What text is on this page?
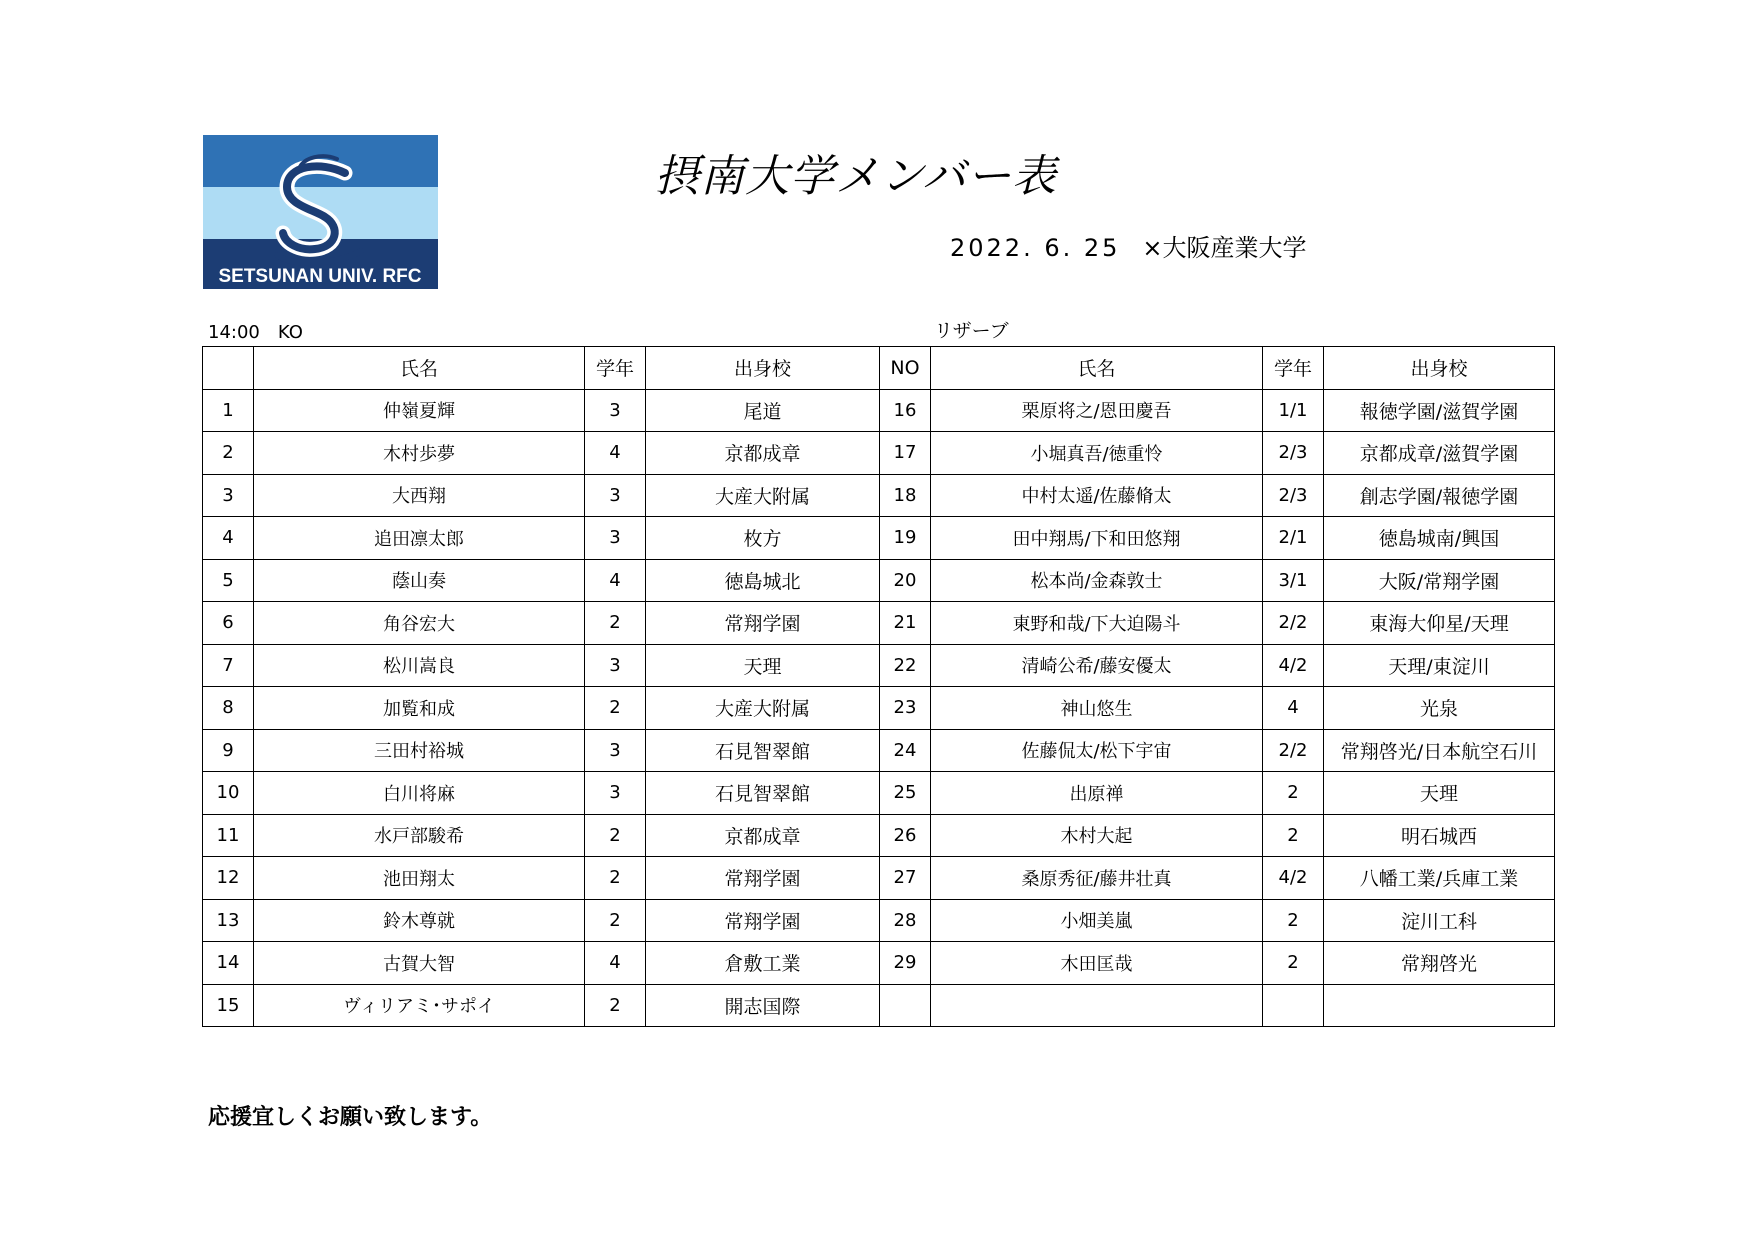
SETSUNAN UNIV. RFC
摂南大学メンバー表
2022. 6. 25 ×大阪産業大学
14:00　KO	リザーブ
	氏名	学年	出身校	NO	氏名	学年	出身校
1	仲嶺夏輝	3	尾道	16	栗原将之/恩田慶吾	1/1	報徳学園/滋賀学園
2	木村歩夢	4	京都成章	17	小堀真吾/徳重怜	2/3	京都成章/滋賀学園
3	大西翔	3	大産大附属	18	中村太遥/佐藤脩太	2/3	創志学園/報徳学園
4	追田凛太郎	3	枚方	19	田中翔馬/下和田悠翔	2/1	徳島城南/興国
5	蔭山奏	4	徳島城北	20	松本尚/金森敦士	3/1	大阪/常翔学園
6	角谷宏大	2	常翔学園	21	東野和哉/下大迫陽斗	2/2	東海大仰星/天理
7	松川嵩良	3	天理	22	清崎公希/藤安優太	4/2	天理/東淀川
8	加覧和成	2	大産大附属	23	神山悠生	4	光泉
9	三田村裕城	3	石見智翠館	24	佐藤侃太/松下宇宙	2/2	常翔啓光/日本航空石川
10	白川将麻	3	石見智翠館	25	出原禅	2	天理
11	水戸部駿希	2	京都成章	26	木村大起	2	明石城西
12	池田翔太	2	常翔学園	27	桑原秀征/藤井壮真	4/2	八幡工業/兵庫工業
13	鈴木尊就	2	常翔学園	28	小畑美嵐	2	淀川工科
14	古賀大智	4	倉敷工業	29	木田匡哉	2	常翔啓光
15	ヴィリアミ･サポイ	2	開志国際				
応援宜しくお願い致します。
